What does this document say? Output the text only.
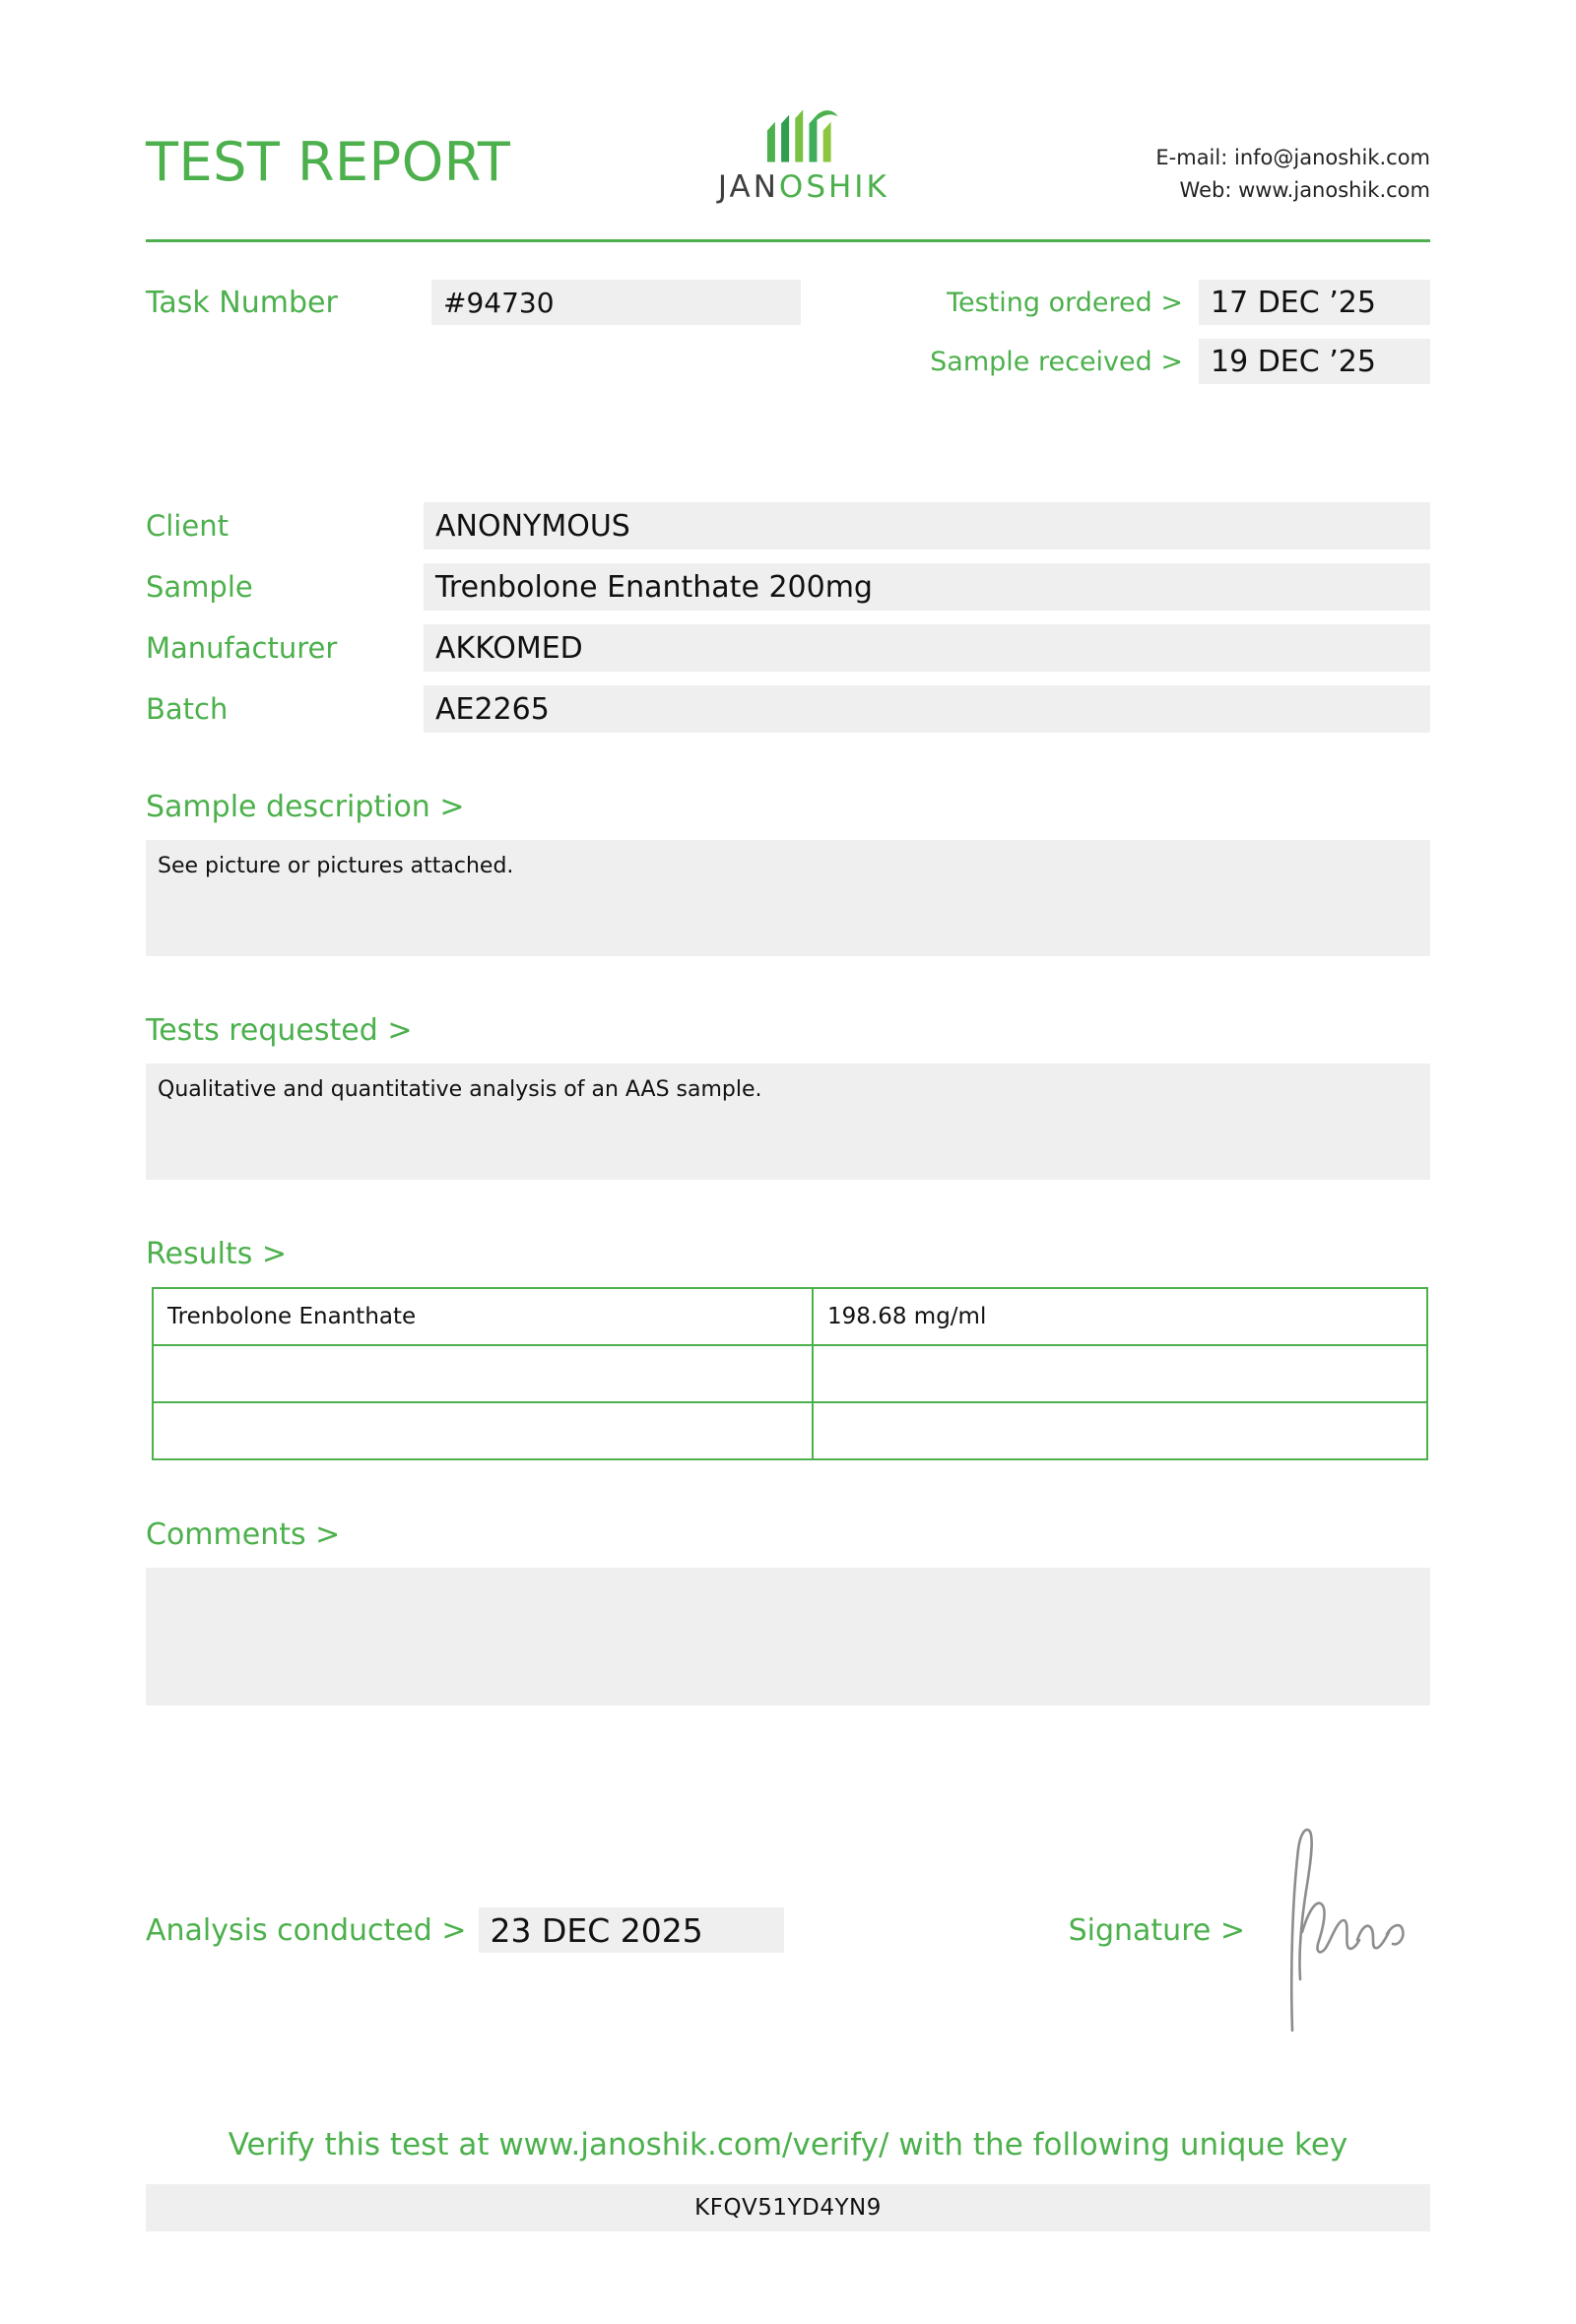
TEST REPORT	JANOSHIK
E-mail: info@janoshik.com
Web: www.janoshik.com
Task Number	#94730	Testing ordered > 17 DEC ’25
Sample received > 19 DEC ’25
Client	ANONYMOUS
Sample	Trenbolone Enanthate 200mg
Manufacturer	AKKOMED
Batch	AE2265
Sample description >
See picture or pictures attached.
Tests requested >
Qualitative and quantitative analysis of an AAS sample.
Results >
Trenbolone Enanthate	198.68 mg/ml

Comments >
Analysis conducted > 23 DEC 2025	Signature >
Verify this test at www.janoshik.com/verify/ with the following unique key
KFQV51YD4YN9
